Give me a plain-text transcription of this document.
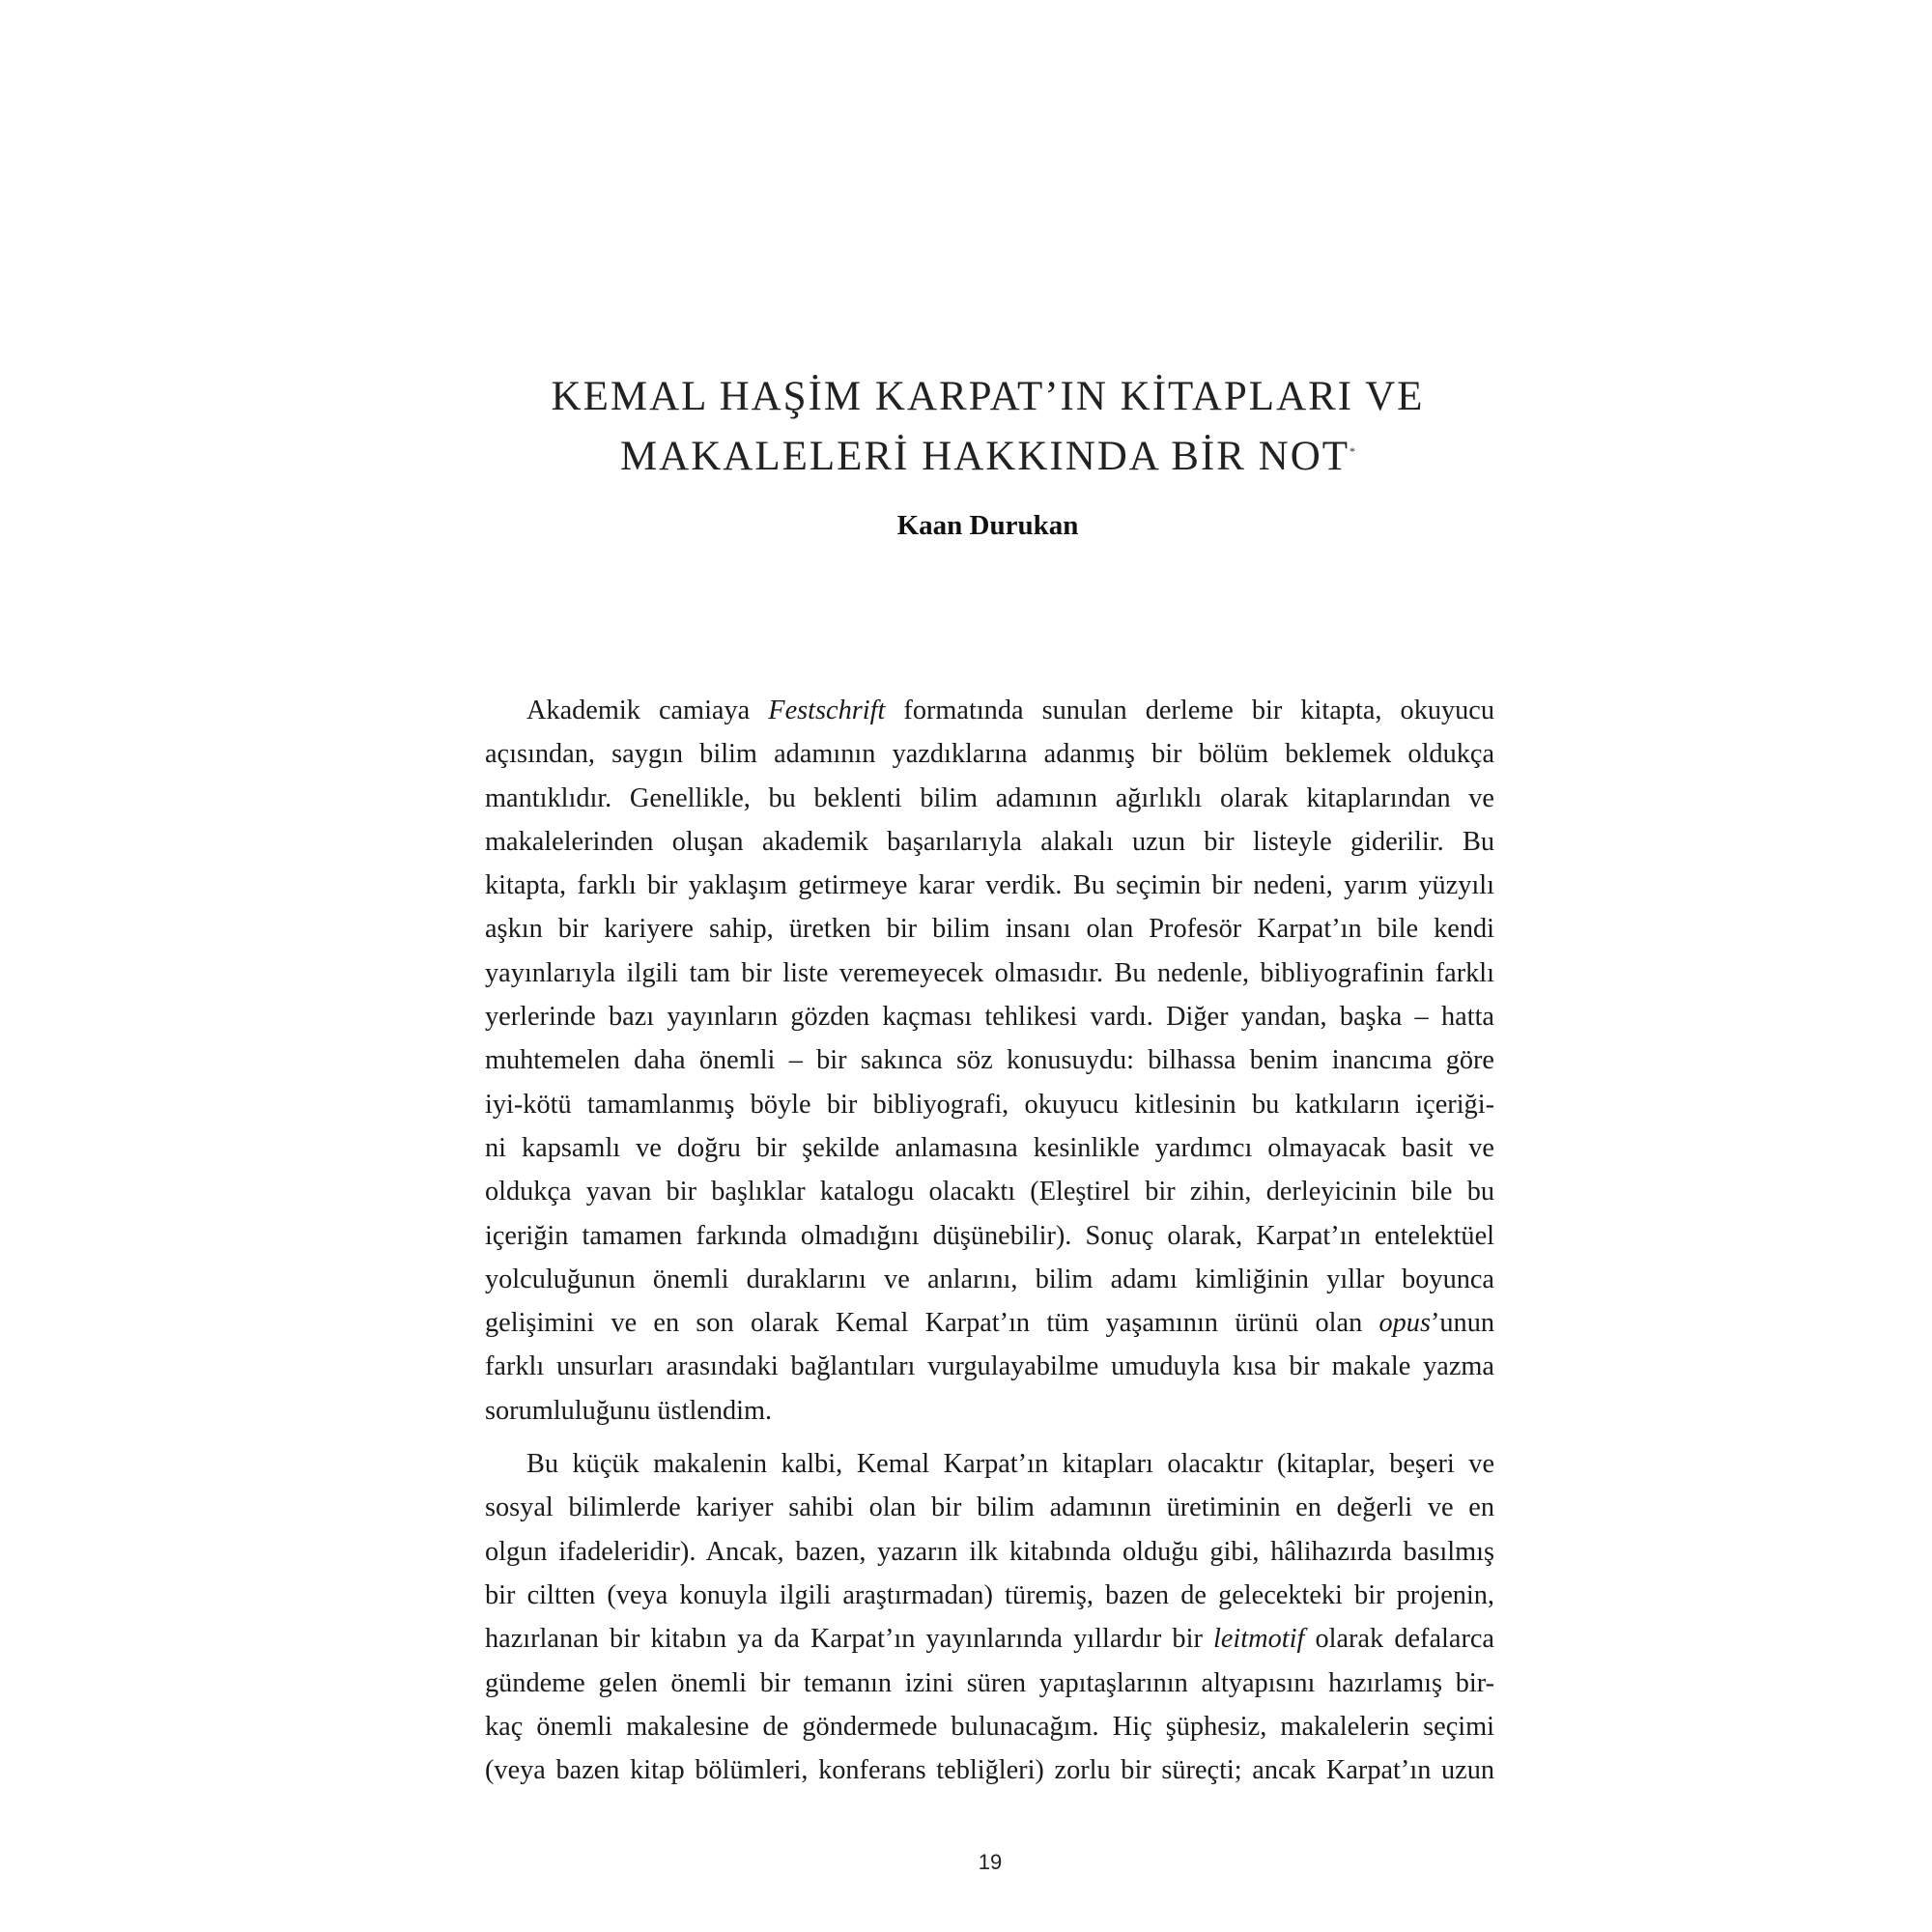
KEMAL HAŞİM KARPAT’IN KİTAPLARI VE
MAKALELERİ HAKKINDA BİR NOT*

Kaan Durukan

Akademik camiaya Festschrift formatında sunulan derleme bir kitapta, okuyucu
açısından, saygın bilim adamının yazdıklarına adanmış bir bölüm beklemek oldukça
mantıklıdır. Genellikle, bu beklenti bilim adamının ağırlıklı olarak kitaplarından ve
makalelerinden oluşan akademik başarılarıyla alakalı uzun bir listeyle giderilir. Bu
kitapta, farklı bir yaklaşım getirmeye karar verdik. Bu seçimin bir nedeni, yarım yüzyılı
aşkın bir kariyere sahip, üretken bir bilim insanı olan Profesör Karpat’ın bile kendi
yayınlarıyla ilgili tam bir liste veremeyecek olmasıdır. Bu nedenle, bibliyografinin farklı
yerlerinde bazı yayınların gözden kaçması tehlikesi vardı. Diğer yandan, başka – hatta
muhtemelen daha önemli – bir sakınca söz konusuydu: bilhassa benim inancıma göre
iyi-kötü tamamlanmış böyle bir bibliyografi, okuyucu kitlesinin bu katkıların içeriği-
ni kapsamlı ve doğru bir şekilde anlamasına kesinlikle yardımcı olmayacak basit ve
oldukça yavan bir başlıklar katalogu olacaktı (Eleştirel bir zihin, derleyicinin bile bu
içeriğin tamamen farkında olmadığını düşünebilir). Sonuç olarak, Karpat’ın entelektüel
yolculuğunun önemli duraklarını ve anlarını, bilim adamı kimliğinin yıllar boyunca
gelişimini ve en son olarak Kemal Karpat’ın tüm yaşamının ürünü olan opus’unun
farklı unsurları arasındaki bağlantıları vurgulayabilme umuduyla kısa bir makale yazma
sorumluluğunu üstlendim.

Bu küçük makalenin kalbi, Kemal Karpat’ın kitapları olacaktır (kitaplar, beşeri ve
sosyal bilimlerde kariyer sahibi olan bir bilim adamının üretiminin en değerli ve en
olgun ifadeleridir). Ancak, bazen, yazarın ilk kitabında olduğu gibi, hâlihazırda basılmış
bir ciltten (veya konuyla ilgili araştırmadan) türemiş, bazen de gelecekteki bir projenin,
hazırlanan bir kitabın ya da Karpat’ın yayınlarında yıllardır bir leitmotif olarak defalarca
gündeme gelen önemli bir temanın izini süren yapıtaşlarının altyapısını hazırlamış bir-
kaç önemli makalesine de göndermede bulunacağım. Hiç şüphesiz, makalelerin seçimi
(veya bazen kitap bölümleri, konferans tebliğleri) zorlu bir süreçti; ancak Karpat’ın uzun

19
